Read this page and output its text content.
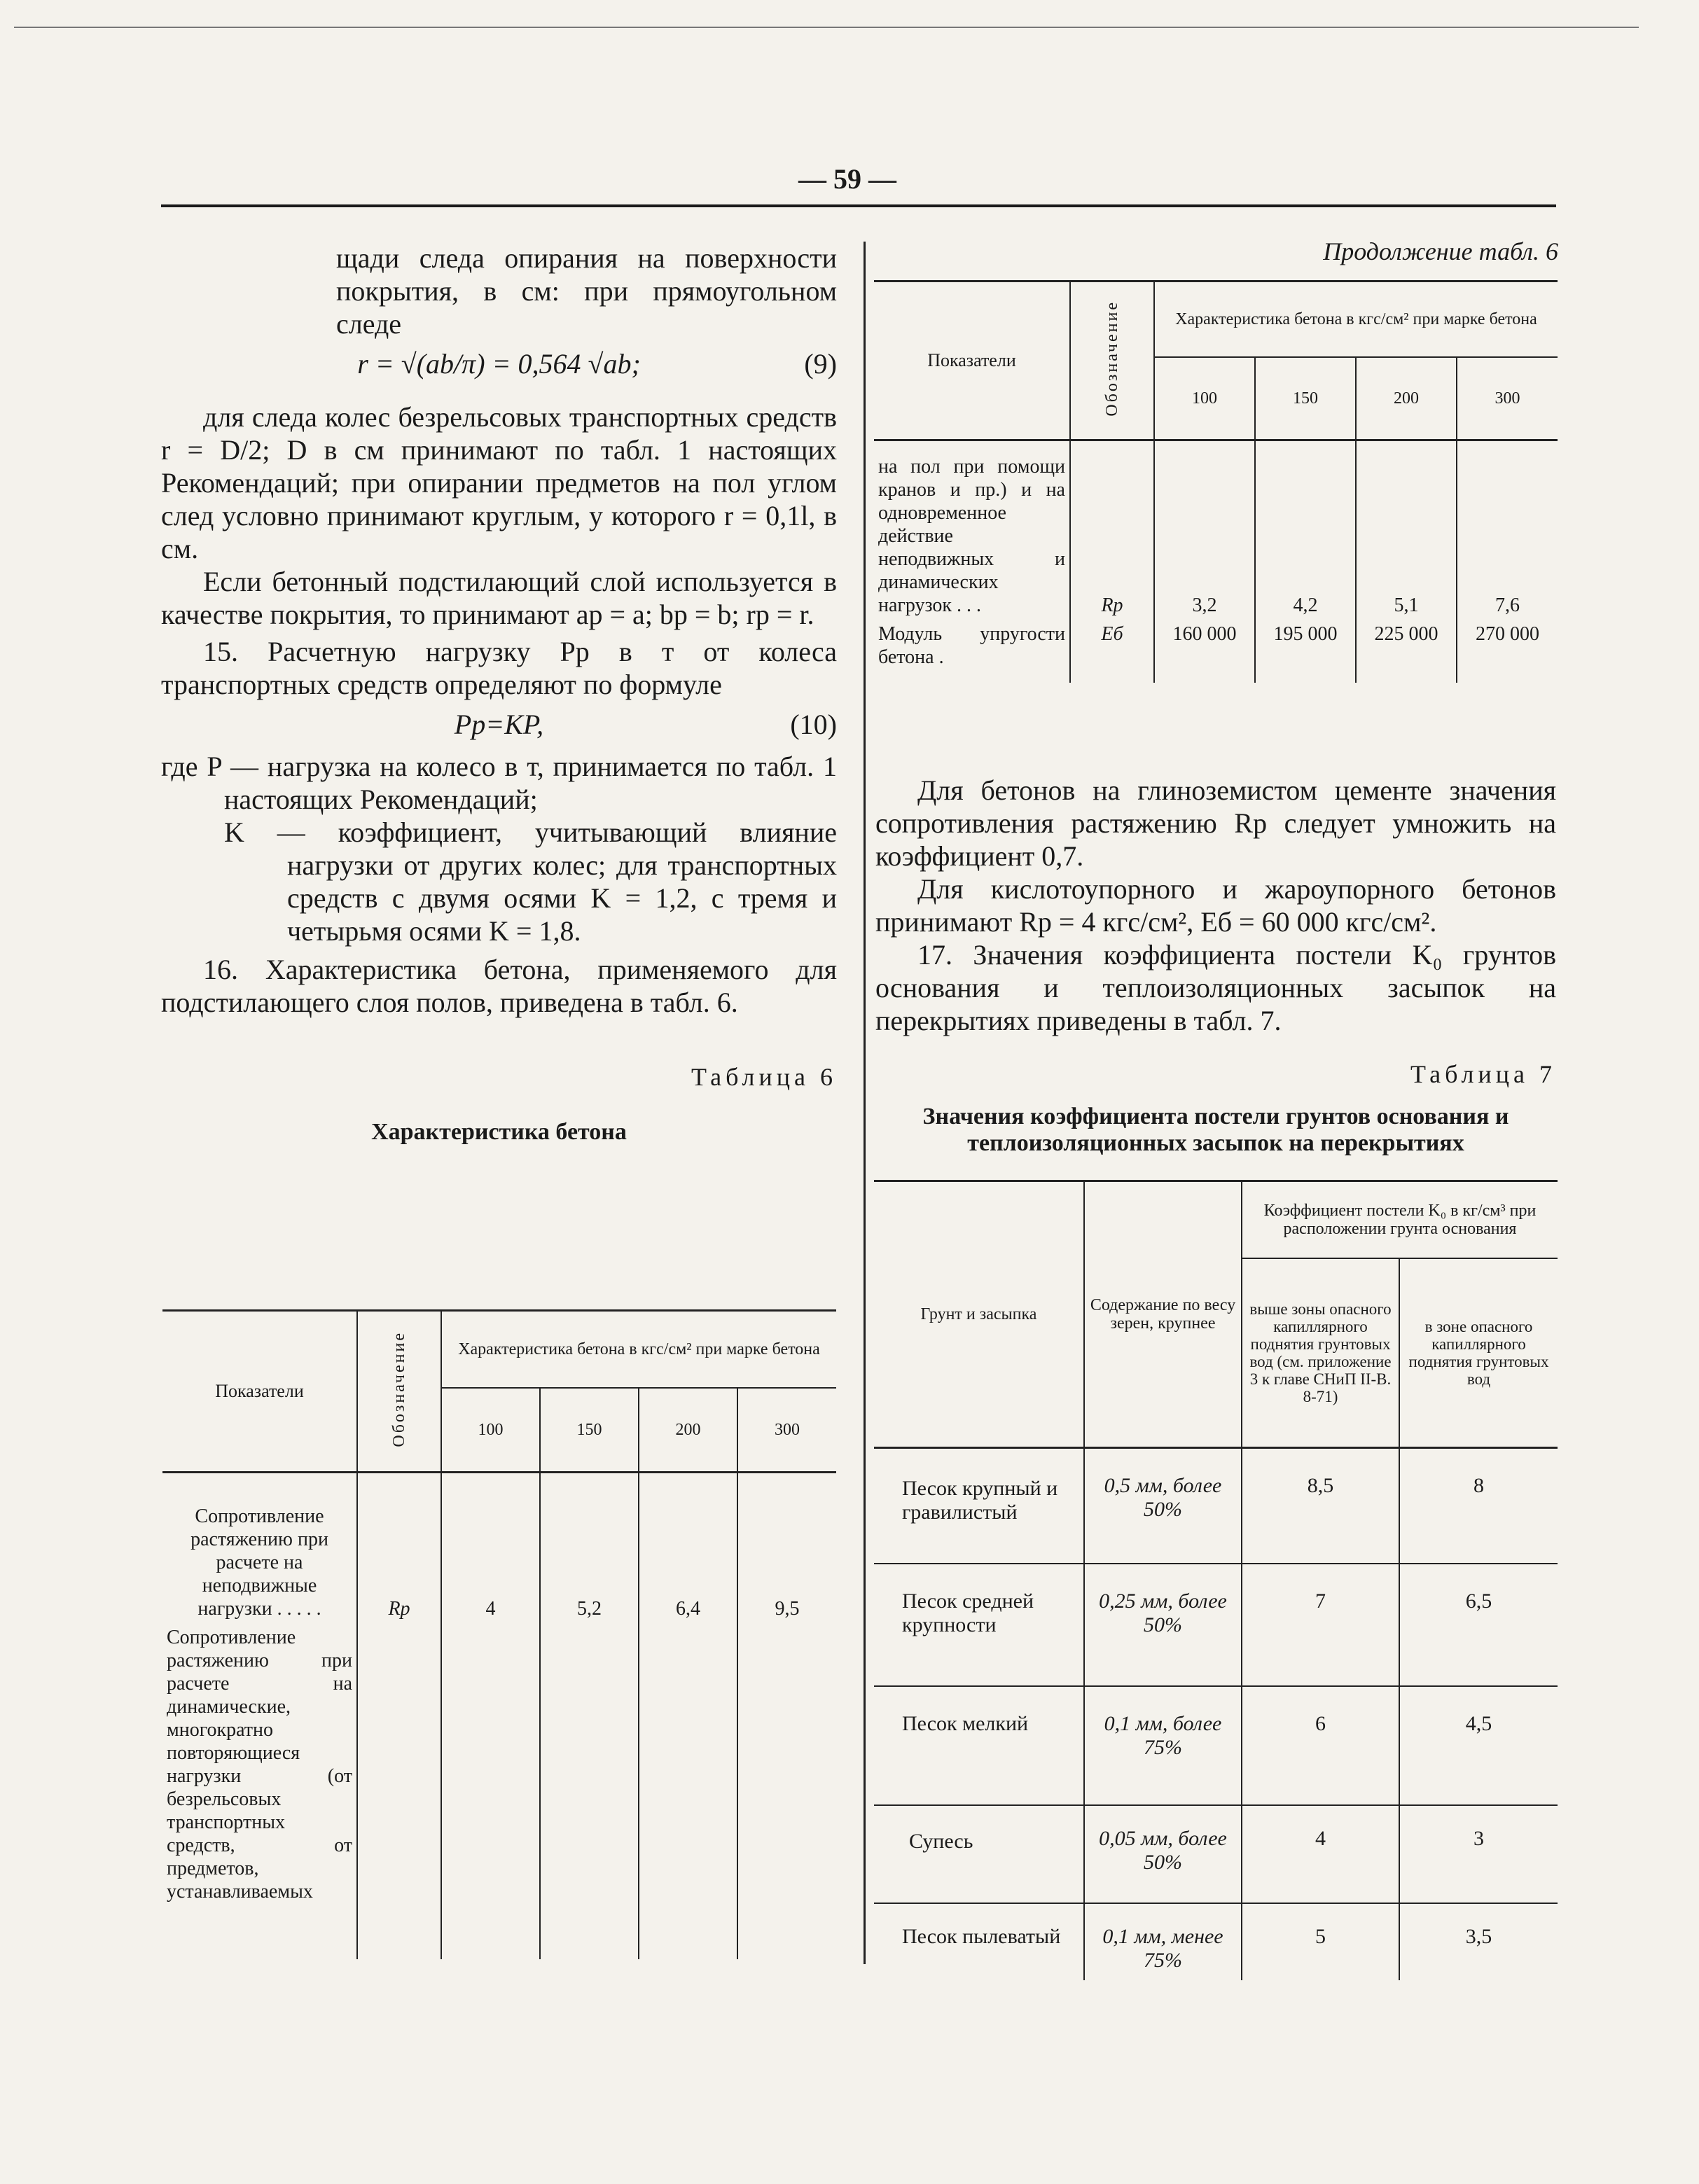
— 59 —

щади следа опирания на поверхности покрытия, в см: при прямоугольном следе

r = √(ab/π) = 0,564 √ab;	(9)

для следа колес безрельсовых транспортных средств r = D/2; D в см принимают по табл. 1 настоящих Рекомендаций; при опирании предметов на пол углом след условно принимают круглым, у которого r = 0,1l, в см.

Если бетонный подстилающий слой используется в качестве покрытия, то принимают aр = a; bр = b; rр = r.

15. Расчетную нагрузку Pр в т от колеса транспортных средств определяют по формуле

Pр=KP,	(10)

где P — нагрузка на колесо в т, принимается по табл. 1 настоящих Рекомендаций;

K — коэффициент, учитывающий влияние нагрузки от других колес; для транспортных средств с двумя осями K = 1,2, с тремя и четырьмя осями K = 1,8.

16. Характеристика бетона, применяемого для подстилающего слоя полов, приведена в табл. 6.

Таблица 6
Характеристика бетона
Показатели	Обозначение	Характеристика бетона в кгс/см² при марке бетона			
		100	150	200	300
Сопротивление растяжению при расчете на неподвижные нагрузки . . . . .	Rр	4	5,2	6,4	9,5
Сопротивление растяжению при расчете на динамические, многократно повторяющиеся нагрузки (от безрельсовых транспортных средств, от предметов, устанавливаемых					
Продолжение табл. 6
Показатели	Обозначение	Характеристика бетона в кгс/см² при марке бетона			
		100	150	200	300
на пол при помощи кранов и пр.) и на одновременное действие неподвижных и динамических нагрузок . . .	Rр	3,2	4,2	5,1	7,6
Модуль упругости бетона .	Eб	160 000	195 000	225 000	270 000

Для бетонов на глиноземистом цементе значения сопротивления растяжению Rр следует умножить на коэффициент 0,7.

Для кислотоупорного и жароупорного бетонов принимают Rр = 4 кгс/см², Eб = 60 000 кгс/см².

17. Значения коэффициента постели K₀ грунтов основания и теплоизоляционных засыпок на перекрытиях приведены в табл. 7.

Таблица 7
Значения коэффициента постели грунтов основания и теплоизоляционных засыпок на перекрытиях
Грунт и засыпка	Содержание по весу зерен, крупнее	Коэффициент постели K₀ в кг/см³ при расположении грунта основания	
		выше зоны опасного капиллярного поднятия грунтовых вод (см. приложение 3 к главе СНиП II-В. 8-71)	в зоне опасного капиллярного поднятия грунтовых вод
Песок крупный и гравилистый	0,5 мм, более 50%	8,5	8
Песок средней крупности	0,25 мм, более 50%	7	6,5
Песок мелкий	0,1 мм, более 75%	6	4,5
Супесь	0,05 мм, более 50%	4	3
Песок пылеватый	0,1 мм, менее 75%	5	3,5
